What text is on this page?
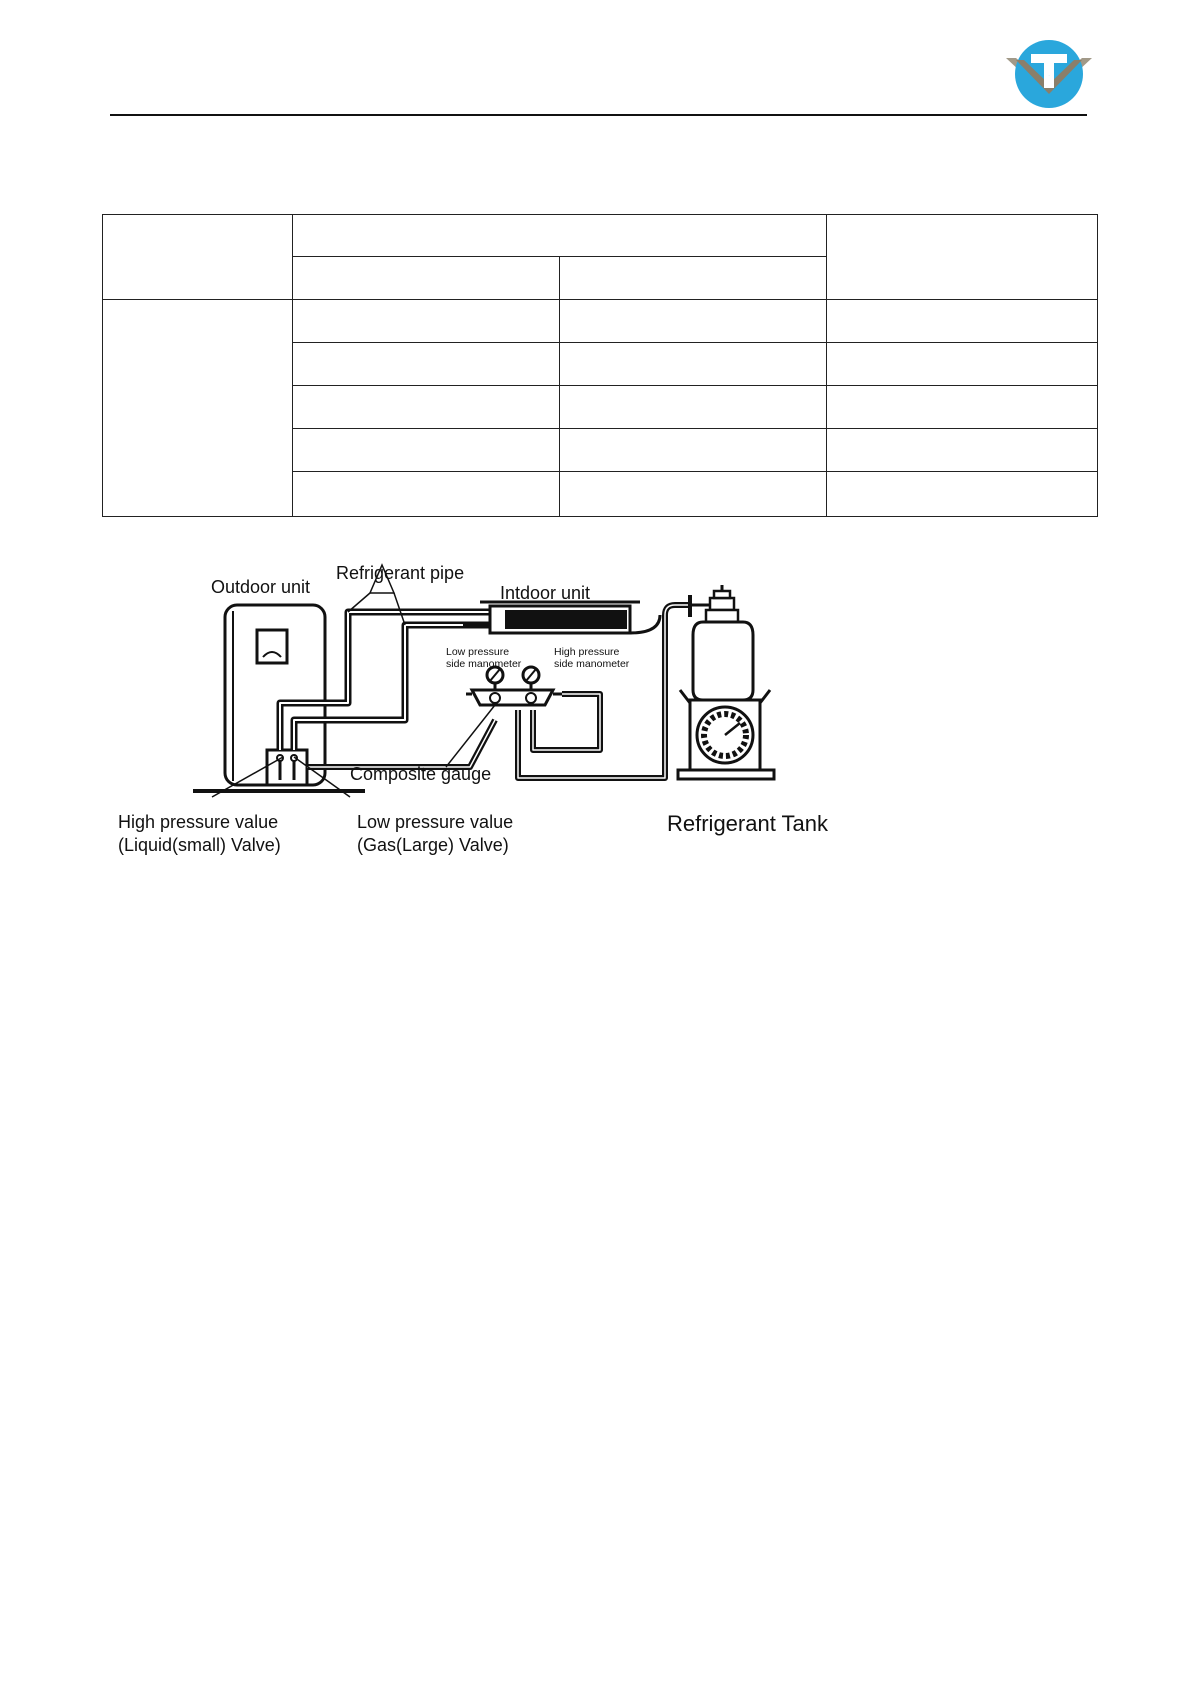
T

Outdoor unit
Refrigerant pipe
Intdoor unit
Low pressure
side manometer
High pressure
side manometer
Composite gauge
High pressure value
(Liquid(small) Valve)
Low pressure value
(Gas(Large) Valve)
Refrigerant Tank
